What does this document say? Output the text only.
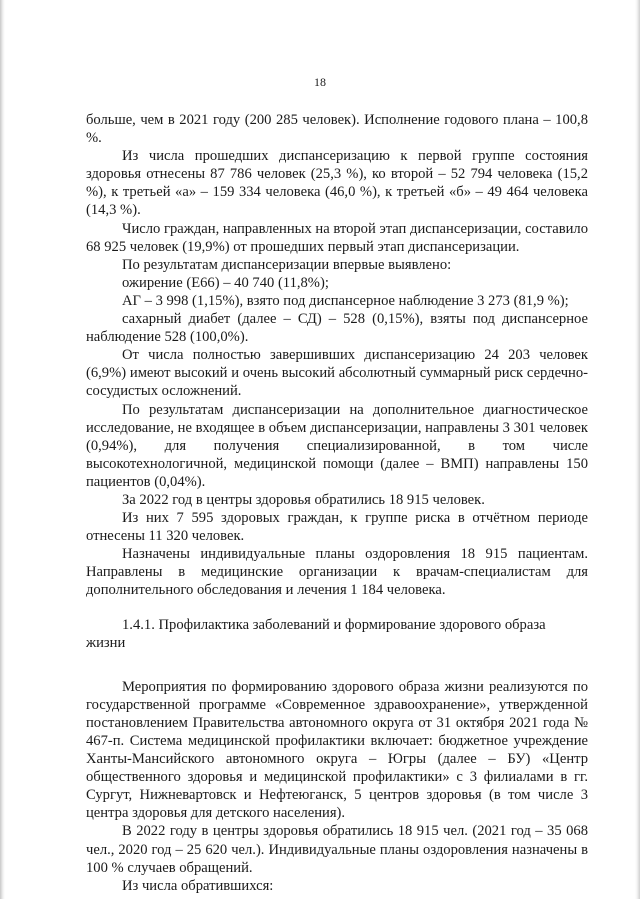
18

больше, чем в 2021 году (200 285 человек). Исполнение годового плана – 100,8 %.

Из числа прошедших диспансеризацию к первой группе состояния здоровья отнесены 87 786 человек (25,3 %), ко второй – 52 794 человека (15,2 %), к третьей «а» – 159 334 человека (46,0 %), к третьей «б» – 49 464 человека (14,3 %).

Число граждан, направленных на второй этап диспансеризации, составило 68 925 человек (19,9%) от прошедших первый этап диспансеризации.

По результатам диспансеризации впервые выявлено:

ожирение (Е66) – 40 740 (11,8%);

АГ – 3 998 (1,15%), взято под диспансерное наблюдение 3 273 (81,9 %);

сахарный диабет (далее – СД) – 528 (0,15%), взяты под диспансерное наблюдение 528 (100,0%).

От числа полностью завершивших диспансеризацию 24 203 человек (6,9%) имеют высокий и очень высокий абсолютный суммарный риск сердечно-сосудистых осложнений.

По результатам диспансеризации на дополнительное диагностическое исследование, не входящее в объем диспансеризации, направлены 3 301 человек (0,94%), для получения специализированной, в том числе высокотехнологичной, медицинской помощи (далее – ВМП) направлены 150 пациентов (0,04%).

За 2022 год в центры здоровья обратились 18 915 человек.

Из них 7 595 здоровых граждан, к группе риска в отчётном периоде отнесены 11 320 человек.

Назначены индивидуальные планы оздоровления 18 915 пациентам. Направлены в медицинские организации к врачам-специалистам для дополнительного обследования и лечения 1 184 человека.

1.4.1. Профилактика заболеваний и формирование здорового образа жизни

Мероприятия по формированию здорового образа жизни реализуются по государственной программе «Современное здравоохранение», утвержденной постановлением Правительства автономного округа от 31 октября 2021 года № 467-п. Система медицинской профилактики включает: бюджетное учреждение Ханты-Мансийского автономного округа – Югры (далее – БУ) «Центр общественного здоровья и медицинской профилактики» с 3 филиалами в гг. Сургут, Нижневартовск и Нефтеюганск, 5 центров здоровья (в том числе 3 центра здоровья для детского населения).

В 2022 году в центры здоровья обратились 18 915 чел. (2021 год – 35 068 чел., 2020 год – 25 620 чел.). Индивидуальные планы оздоровления назначены в 100 % случаев обращений.

Из числа обратившихся:
